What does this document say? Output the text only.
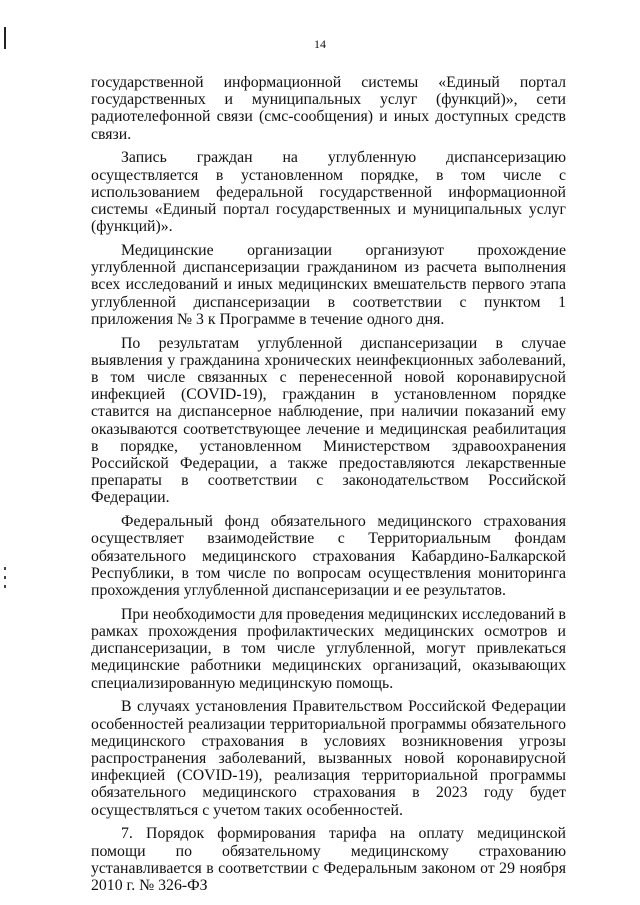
14

государственной информационной системы «Единый портал государственных и муниципальных услуг (функций)», сети радиотелефонной связи (смс-сообщения) и иных доступных средств связи.

Запись граждан на углубленную диспансеризацию осуществляется в установленном порядке, в том числе с использованием федеральной государственной информационной системы «Единый портал государственных и муниципальных услуг (функций)».

Медицинские организации организуют прохождение углубленной диспансеризации гражданином из расчета выполнения всех исследований и иных медицинских вмешательств первого этапа углубленной диспансеризации в соответствии с пунктом 1 приложения № 3 к Программе в течение одного дня.

По результатам углубленной диспансеризации в случае выявления у гражданина хронических неинфекционных заболеваний, в том числе связанных с перенесенной новой коронавирусной инфекцией (COVID-19), гражданин в установленном порядке ставится на диспансерное наблюдение, при наличии показаний ему оказываются соответствующее лечение и медицинская реабилитация в порядке, установленном Министерством здравоохранения Российской Федерации, а также предоставляются лекарственные препараты в соответствии с законодательством Российской Федерации.

Федеральный фонд обязательного медицинского страхования осуществляет взаимодействие с Территориальным фондам обязательного медицинского страхования Кабардино-Балкарской Республики, в том числе по вопросам осуществления мониторинга прохождения углубленной диспансеризации и ее результатов.

При необходимости для проведения медицинских исследований в рамках прохождения профилактических медицинских осмотров и диспансеризации, в том числе углубленной, могут привлекаться медицинские работники медицинских организаций, оказывающих специализированную медицинскую помощь.

В случаях установления Правительством Российской Федерации особенностей реализации территориальной программы обязательного медицинского страхования в условиях возникновения угрозы распространения заболеваний, вызванных новой коронавирусной инфекцией (COVID-19), реализация территориальной программы обязательного медицинского страхования в 2023 году будет осуществляться с учетом таких особенностей.

7. Порядок формирования тарифа на оплату медицинской помощи по обязательному медицинскому страхованию устанавливается в соответствии с Федеральным законом от 29 ноября 2010 г. № 326-ФЗ
